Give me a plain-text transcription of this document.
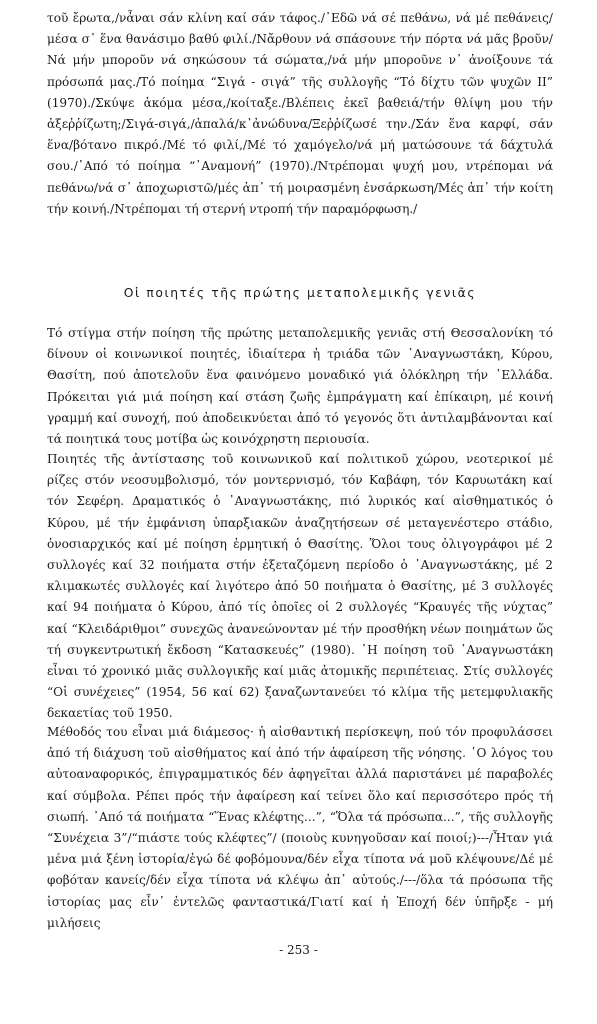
τοῦ ἔρωτα,/νἆναι σάν κλίνη καί σάν τάφος./᾿Εδῶ νά σέ πεθάνω, νά μέ πεθάνεις/μέσα σ᾿ ἕνα θανάσιμο βαθύ φιλί./Νἄρθουν νά σπάσουνε τήν πόρτα νά μᾶς βροῦν/Νά μήν μποροῦν νά σηκώσουν τά σώματα,/νά μήν μποροῦνε ν᾿ ἀνοίξουνε τά πρόσωπά μας./Τό ποίημα “Σιγά - σιγά” τῆς συλλογῆς “Τό δίχτυ τῶν ψυχῶν ΙΙ” (1970)./Σκύψε ἀκόμα μέσα,/κοίταξε./Βλέπεις ἐκεῖ βαθειά/τήν θλίψη μου τήν ἀξεῤῥίζωτη;/Σιγά-σιγά,/ἁπαλά/κ᾿ἀνώδυνα/Ξεῤῥίζωσέ την./Σάν ἕνα καρφί, σάν ἕνα/βότανο πικρό./Μέ τό φιλί,/Μέ τό χαμόγελο/νά μή ματώσουνε τά δάχτυλά σου./᾿Από τό ποίημα “᾿Αναμονή” (1970)./Ντρέπομαι ψυχή μου, ντρέπομαι νά πεθάνω/νά σ᾿ ἀποχωριστῶ/μές ἀπ᾿ τή μοιρασμένη ἐνσάρκωση/Μές ἀπ᾿ τήν κοίτη τήν κοινή./Ντρέπομαι τή στερνή ντροπή τήν παραμόρφωση./

Οἱ ποιητές τῆς πρώτης μεταπολεμικῆς γενιᾶς

Τό στίγμα στήν ποίηση τῆς πρώτης μεταπολεμικῆς γενιᾶς στή Θεσσαλονίκη τό δίνουν οἱ κοινωνικοί ποιητές, ἰδιαίτερα ἡ τριάδα τῶν ᾿Αναγνωστάκη, Κύρου, Θασίτη, πού ἀποτελοῦν ἕνα φαινόμενο μοναδικό γιά ὁλόκληρη τήν ῾Ελλάδα. Πρόκειται γιά μιά ποίηση καί στάση ζωῆς ἐμπράγματη καί ἐπίκαιρη, μέ κοινή γραμμή καί συνοχή, πού ἀποδεικνύεται ἀπό τό γεγονός ὅτι ἀντιλαμβάνονται καί τά ποιητικά τους μοτίβα ὡς κοινόχρηστη περιουσία.

Ποιητές τῆς ἀντίστασης τοῦ κοινωνικοῦ καί πολιτικοῦ χώρου, νεοτερικοί μέ ρίζες στόν νεοσυμβολισμό, τόν μοντερνισμό, τόν Καβάφη, τόν Καρυωτάκη καί τόν Σεφέρη. Δραματικός ὁ ᾿Αναγνωστάκης, πιό λυρικός καί αἰσθηματικός ὁ Κύρου, μέ τήν ἐμφάνιση ὑπαρξιακῶν ἀναζητήσεων σέ μεταγενέστερο στάδιο, ὁνοσιαρχικός καί μέ ποίηση ἐρμητική ὁ Θασίτης. Ὅλοι τους ὀλιγογράφοι μέ 2 συλλογές καί 32 ποιήματα στήν ἐξεταζόμενη περίοδο ὁ ᾿Αναγνωστάκης, μέ 2 κλιμακωτές συλλογές καί λιγότερο ἀπό 50 ποιήματα ὁ Θασίτης, μέ 3 συλλογές καί 94 ποιήματα ὁ Κύρου, ἀπό τίς ὁποῖες οἱ 2 συλλογές “Κραυγές τῆς νύχτας” καί “Κλειδάριθμοι” συνεχῶς ἀνανεώνονταν μέ τήν προσθήκη νέων ποιημάτων ὥς τή συγκεντρωτική ἔκδοση “Κατασκευές” (1980). ῾Η ποίηση τοῦ ᾿Αναγνωστάκη εἶναι τό χρονικό μιᾶς συλλογικῆς καί μιᾶς ἀτομικῆς περιπέτειας. Στίς συλλογές “Οἱ συνέχειες” (1954, 56 καί 62) ξαναζωντανεύει τό κλίμα τῆς μετεμφυλιακῆς δεκαετίας τοῦ 1950.

Μέθοδός του εἶναι μιά διάμεσος· ἡ αἰσθαντική περίσκεψη, πού τόν προφυλάσσει ἀπό τή διάχυση τοῦ αἰσθήματος καί ἀπό τήν ἀφαίρεση τῆς νόησης. ῾Ο λόγος του αὐτοαναφορικός, ἐπιγραμματικός δέν ἀφηγεῖται ἀλλά παριστάνει μέ παραβολές καί σύμβολα. Ρέπει πρός τήν ἀφαίρεση καί τείνει ὅλο καί περισσότερο πρός τή σιωπή. ᾿Από τά ποιήματα “Ἕνας κλέφτης...”, “Ὅλα τά πρόσωπα...”, τῆς συλλογῆς “Συνέχεια 3”/“πιάστε τούς κλέφτες”/ (ποιοὺς κυνηγοῦσαν καί ποιοί;)---/Ἦταν γιά μένα μιά ξένη ἱστορία/ἐγώ δέ φοβόμουνα/δέν εἶχα τίποτα νά μοῦ κλέψουνε/Δέ μέ φοβόταν κανείς/δέν εἶχα τίποτα νά κλέψω ἀπ᾿ αὐτούς./---/ὅλα τά πρόσωπα τῆς ἱστορίας μας εἶν᾿ ἐντελῶς φανταστικά/Γιατί καί ἡ Ἐποχή δέν ὑπῆρξε - μή μιλήσεις

- 253 -
